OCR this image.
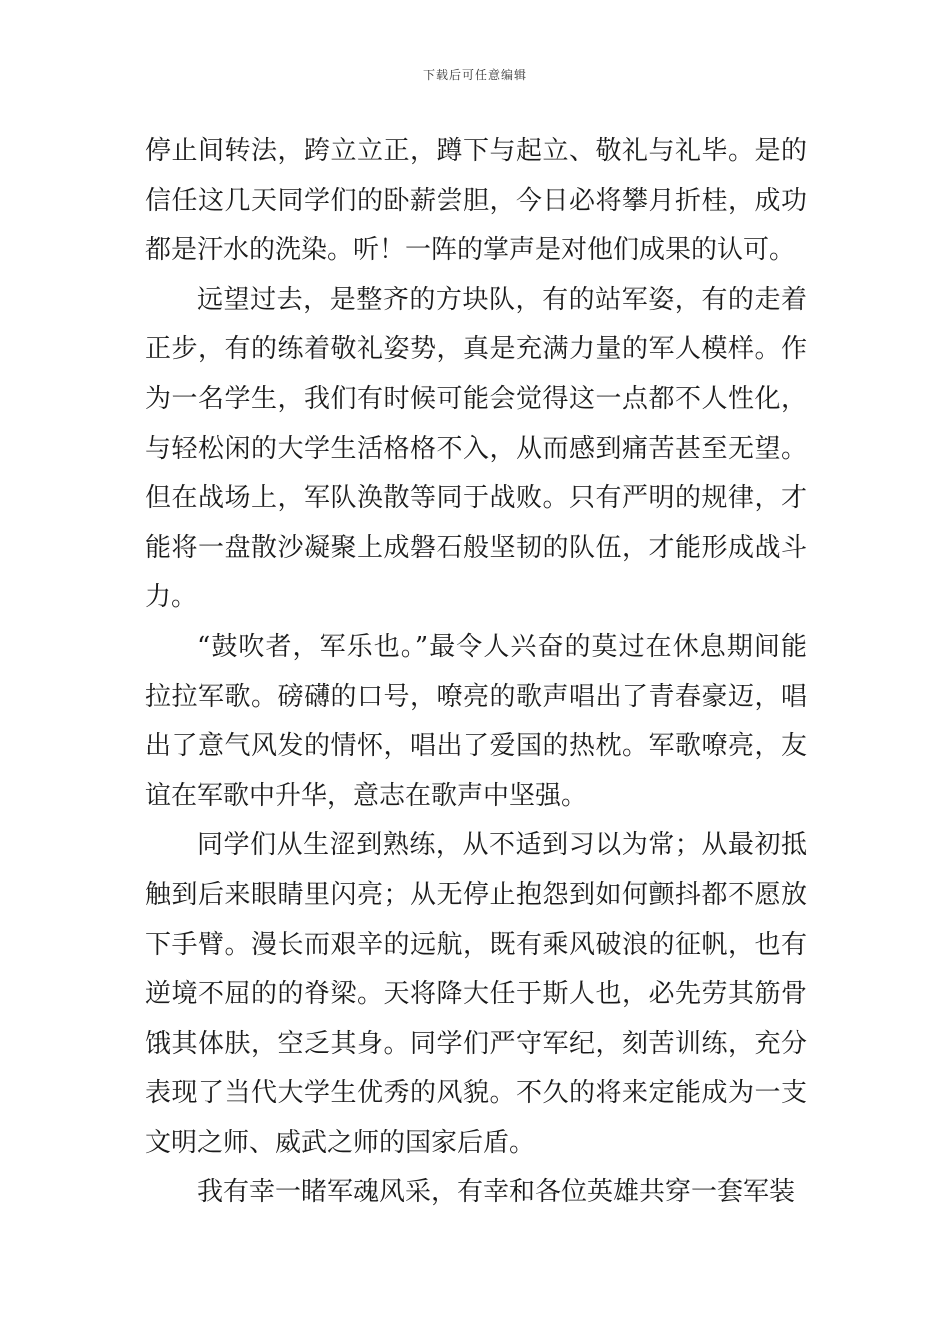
下载后可任意编辑

停止间转法，跨立立正，蹲下与起立、敬礼与礼毕。是的信任这几天同学们的卧薪尝胆，今日必将攀月折桂，成功都是汗水的洗染。听！一阵的掌声是对他们成果的认可。

远望过去，是整齐的方块队，有的站军姿，有的走着正步，有的练着敬礼姿势，真是充满力量的军人模样。作为一名学生，我们有时候可能会觉得这一点都不人性化，与轻松闲的大学生活格格不入，从而感到痛苦甚至无望。但在战场上，军队涣散等同于战败。只有严明的规律，才能将一盘散沙凝聚上成磐石般坚韧的队伍，才能形成战斗力。

“鼓吹者，军乐也。”最令人兴奋的莫过在休息期间能拉拉军歌。磅礴的口号，嘹亮的歌声唱出了青春豪迈，唱出了意气风发的情怀，唱出了爱国的热枕。军歌嘹亮，友谊在军歌中升华，意志在歌声中坚强。

同学们从生涩到熟练，从不适到习以为常；从最初抵触到后来眼睛里闪亮；从无停止抱怨到如何颤抖都不愿放下手臂。漫长而艰辛的远航，既有乘风破浪的征帆，也有逆境不屈的的脊梁。天将降大任于斯人也，必先劳其筋骨饿其体肤，空乏其身。同学们严守军纪，刻苦训练，充分表现了当代大学生优秀的风貌。不久的将来定能成为一支文明之师、威武之师的国家后盾。

我有幸一睹军魂风采，有幸和各位英雄共穿一套军装
